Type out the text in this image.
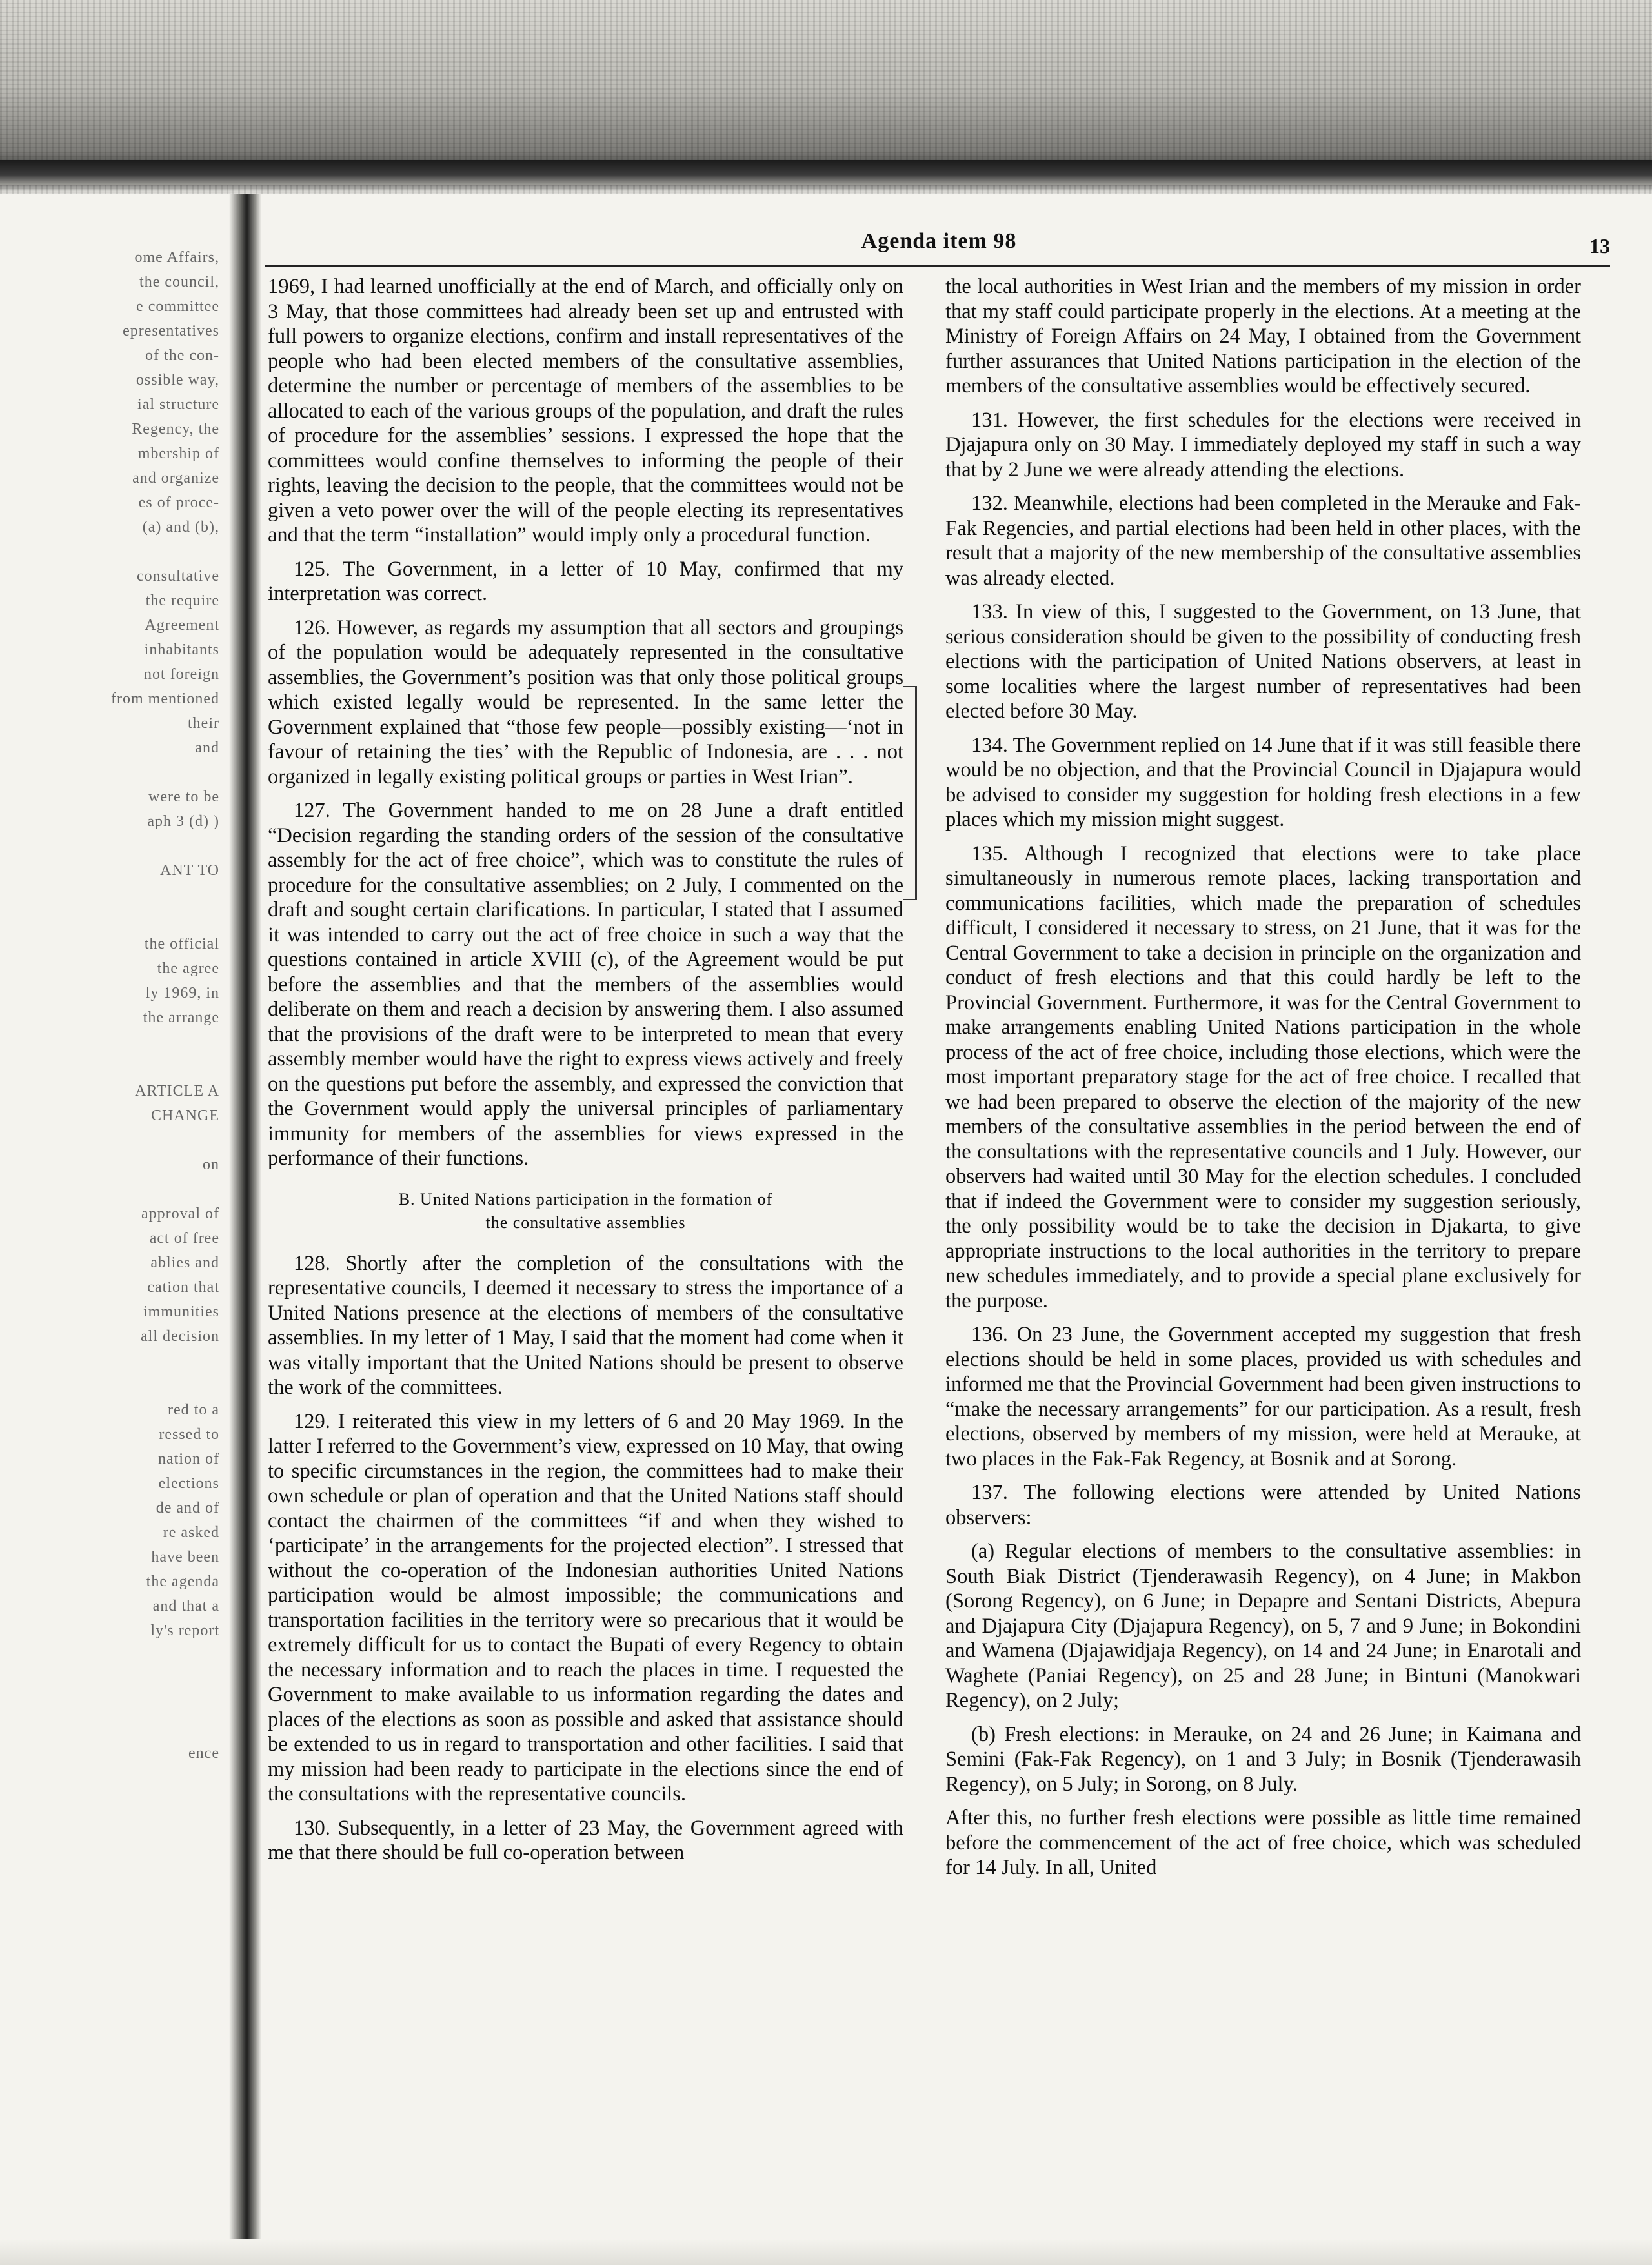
ome Affairs,
the council,
e committee
epresentatives
of the con-
ossible way,
ial structure
Regency, the
mbership of
and organize
es of proce-
(a) and (b),
consultative
the require
Agreement
inhabitants
not foreign
from mentioned
their
and
were to be
aph 3 (d) )
ANT TO
the official
the agree
ly 1969, in
the arrange
ARTICLE A
CHANGE
on
approval of
act of free
ablies and
cation that
immunities
all decision
red to a
ressed to
nation of
elections
de and of
re asked
have been
the agenda
and that a
ly's report
ence
Agenda item 98	13

1969, I had learned unofficially at the end of March, and officially only on 3 May, that those committees had already been set up and entrusted with full powers to organize elections, confirm and install representatives of the people who had been elected members of the consultative assemblies, determine the number or percentage of members of the assemblies to be allocated to each of the various groups of the population, and draft the rules of procedure for the assemblies’ sessions. I expressed the hope that the committees would confine themselves to informing the people of their rights, leaving the decision to the people, that the committees would not be given a veto power over the will of the people electing its representatives and that the term “installation” would imply only a procedural function.

125. The Government, in a letter of 10 May, confirmed that my interpretation was correct.

126. However, as regards my assumption that all sectors and groupings of the population would be adequately represented in the consultative assemblies, the Government’s position was that only those political groups which existed legally would be represented. In the same letter the Government explained that “those few people—possibly existing—‘not in favour of retaining the ties’ with the Republic of Indonesia, are . . . not organized in legally existing political groups or parties in West Irian”.

127. The Government handed to me on 28 June a draft entitled “Decision regarding the standing orders of the session of the consultative assembly for the act of free choice”, which was to constitute the rules of procedure for the consultative assemblies; on 2 July, I commented on the draft and sought certain clarifications. In particular, I stated that I assumed it was intended to carry out the act of free choice in such a way that the questions contained in article XVIII (c), of the Agreement would be put before the assemblies and that the members of the assemblies would deliberate on them and reach a decision by answering them. I also assumed that the provisions of the draft were to be interpreted to mean that every assembly member would have the right to express views actively and freely on the questions put before the assembly, and expressed the conviction that the Government would apply the universal principles of parliamentary immunity for members of the assemblies for views expressed in the performance of their functions.

B. United Nations participation in the formation of
the consultative assemblies

128. Shortly after the completion of the consultations with the representative councils, I deemed it necessary to stress the importance of a United Nations presence at the elections of members of the consultative assemblies. In my letter of 1 May, I said that the moment had come when it was vitally important that the United Nations should be present to observe the work of the committees.

129. I reiterated this view in my letters of 6 and 20 May 1969. In the latter I referred to the Government’s view, expressed on 10 May, that owing to specific circumstances in the region, the committees had to make their own schedule or plan of operation and that the United Nations staff should contact the chairmen of the committees “if and when they wished to ‘participate’ in the arrangements for the projected election”. I stressed that without the co-operation of the Indonesian authorities United Nations participation would be almost impossible; the communications and transportation facilities in the territory were so precarious that it would be extremely difficult for us to contact the Bupati of every Regency to obtain the necessary information and to reach the places in time. I requested the Government to make available to us information regarding the dates and places of the elections as soon as possible and asked that assistance should be extended to us in regard to transportation and other facilities. I said that my mission had been ready to participate in the elections since the end of the consultations with the representative councils.

130. Subsequently, in a letter of 23 May, the Government agreed with me that there should be full co-operation between

the local authorities in West Irian and the members of my mission in order that my staff could participate properly in the elections. At a meeting at the Ministry of Foreign Affairs on 24 May, I obtained from the Government further assurances that United Nations participation in the election of the members of the consultative assemblies would be effectively secured.

131. However, the first schedules for the elections were received in Djajapura only on 30 May. I immediately deployed my staff in such a way that by 2 June we were already attending the elections.

132. Meanwhile, elections had been completed in the Merauke and Fak-Fak Regencies, and partial elections had been held in other places, with the result that a majority of the new membership of the consultative assemblies was already elected.

133. In view of this, I suggested to the Government, on 13 June, that serious consideration should be given to the possibility of conducting fresh elections with the participation of United Nations observers, at least in some localities where the largest number of representatives had been elected before 30 May.

134. The Government replied on 14 June that if it was still feasible there would be no objection, and that the Provincial Council in Djajapura would be advised to consider my suggestion for holding fresh elections in a few places which my mission might suggest.

135. Although I recognized that elections were to take place simultaneously in numerous remote places, lacking transportation and communications facilities, which made the preparation of schedules difficult, I considered it necessary to stress, on 21 June, that it was for the Central Government to take a decision in principle on the organization and conduct of fresh elections and that this could hardly be left to the Provincial Government. Furthermore, it was for the Central Government to make arrangements enabling United Nations participation in the whole process of the act of free choice, including those elections, which were the most important preparatory stage for the act of free choice. I recalled that we had been prepared to observe the election of the majority of the new members of the consultative assemblies in the period between the end of the consultations with the representative councils and 1 July. However, our observers had waited until 30 May for the election schedules. I concluded that if indeed the Government were to consider my suggestion seriously, the only possibility would be to take the decision in Djakarta, to give appropriate instructions to the local authorities in the territory to prepare new schedules immediately, and to provide a special plane exclusively for the purpose.

136. On 23 June, the Government accepted my suggestion that fresh elections should be held in some places, provided us with schedules and informed me that the Provincial Government had been given instructions to “make the necessary arrangements” for our participation. As a result, fresh elections, observed by members of my mission, were held at Merauke, at two places in the Fak-Fak Regency, at Bosnik and at Sorong.

137. The following elections were attended by United Nations observers:

(a) Regular elections of members to the consultative assemblies: in South Biak District (Tjenderawasih Regency), on 4 June; in Makbon (Sorong Regency), on 6 June; in Depapre and Sentani Districts, Abepura and Djajapura City (Djajapura Regency), on 5, 7 and 9 June; in Bokondini and Wamena (Djajawidjaja Regency), on 14 and 24 June; in Enarotali and Waghete (Paniai Regency), on 25 and 28 June; in Bintuni (Manokwari Regency), on 2 July;

(b) Fresh elections: in Merauke, on 24 and 26 June; in Kaimana and Semini (Fak-Fak Regency), on 1 and 3 July; in Bosnik (Tjenderawasih Regency), on 5 July; in Sorong, on 8 July.

After this, no further fresh elections were possible as little time remained before the commencement of the act of free choice, which was scheduled for 14 July. In all, United
